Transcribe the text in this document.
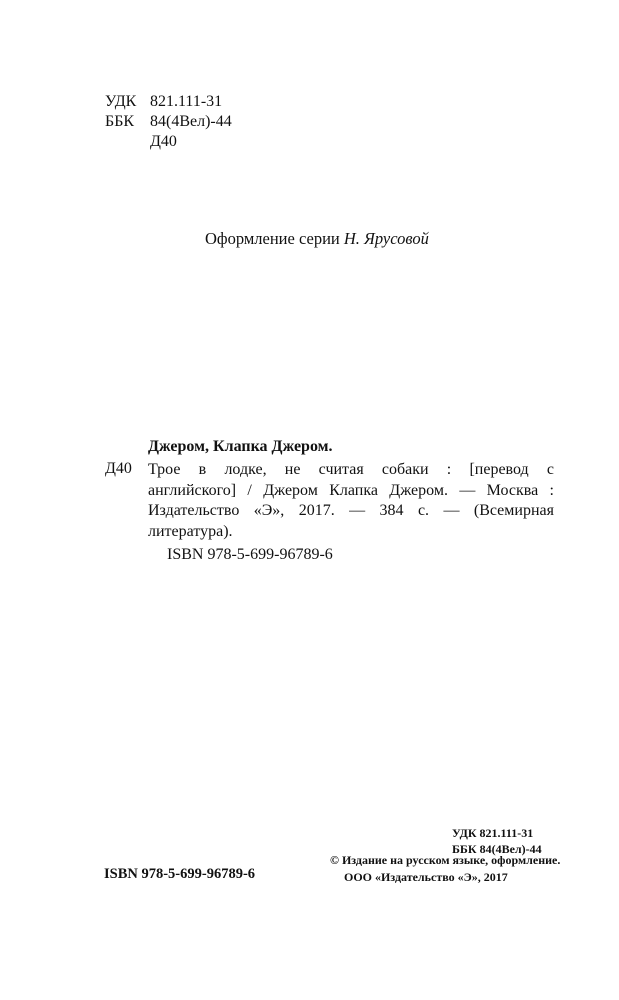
УДК 821.111-31
ББК 84(4Вел)-44
Д40
Оформление серии Н. Ярусовой
Джером, Клапка Джером.
Д40 Трое в лодке, не считая собаки : [перевод с
английского] / Джером Клапка Джером. — Москва :
Издательство «Э», 2017. — 384 с. — (Всемирная
литература).
ISBN 978-5-699-96789-6

УДК 821.111-31
ББК 84(4Вел)-44
ISBN 978-5-699-96789-6
© Издание на русском языке, оформление.
ООО «Издательство «Э», 2017
